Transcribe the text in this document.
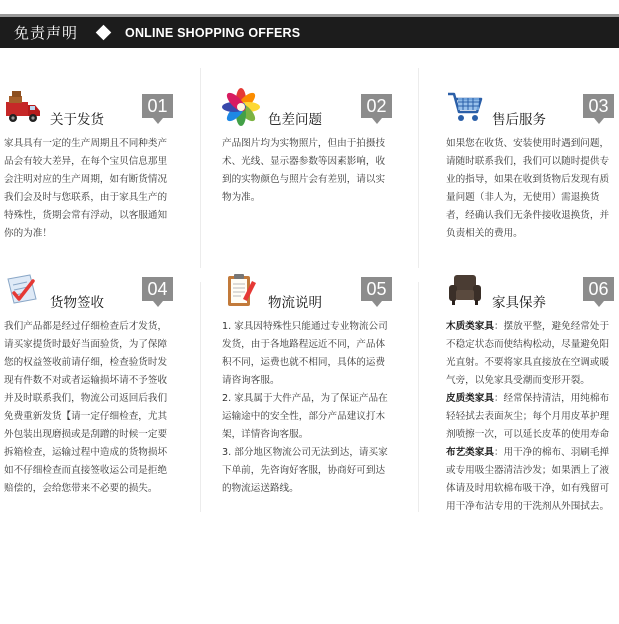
免责声明	ONLINE SHOPPING OFFERS
关于发货
01

家具具有一定的生产周期且不同种类产品会有较大差异，在每个宝贝信息那里会注明对应的生产周期，如有断货情况我们会及时与您联系，由于家具生产的特殊性，货期会常有浮动，以客服通知你的为准！

色差问题
02

产品图片均为实物照片，但由于拍摄技术、光线、显示器参数等因素影响，收到的实物颜色与照片会有差别，请以实物为准。

售后服务
03

如果您在收货、安装使用时遇到问题，请随时联系我们，我们可以随时提供专业的指导，如果在收到货物后发现有质量问题（非人为，无使用）需退换货者，经确认我们无条件接收退换货，并负责相关的费用。

货物签收
04

我们产品都是经过仔细检查后才发货，请买家提货时最好当面验货，为了保障您的权益签收前请仔细，检查验货时发现有件数不对或者运输损坏请不予签收并及时联系我们，物流公司返回后我们免费重新发货【请一定仔细检查，尤其外包装出现磨损或是刮蹭的时候一定要拆箱检查，运输过程中造成的货物损坏如不仔细检查而直接签收运公司是拒绝赔偿的，会给您带来不必要的损失。

物流说明
05

1. 家具因特殊性只能通过专业物流公司发货，由于各地路程远近不同，产品体积不同，运费也就不相同，具体的运费请咨询客服。

2. 家具属于大件产品，为了保证产品在运输途中的安全性，部分产品建议打木架，详情咨询客服。

3. 部分地区物流公司无法到达，请买家下单前，先咨询好客服，协商好可到达的物流运送路线。

家具保养
06

木质类家具：摆放平整，避免经常处于不稳定状态而使结构松动，尽量避免阳光直射。不要将家具直接放在空调或暖气旁，以免家具受潮而变形开裂。

皮质类家具：经常保持清洁，用纯棉布轻轻拭去表面灰尘；每个月用皮革护理剂喷擦一次，可以延长皮革的使用寿命

布艺类家具：用干净的棉布、羽刷毛掸或专用吸尘器清洁沙发；如果洒上了液体请及时用软棉布吸干净，如有残留可用干净布沾专用的干洗剂从外围拭去。
